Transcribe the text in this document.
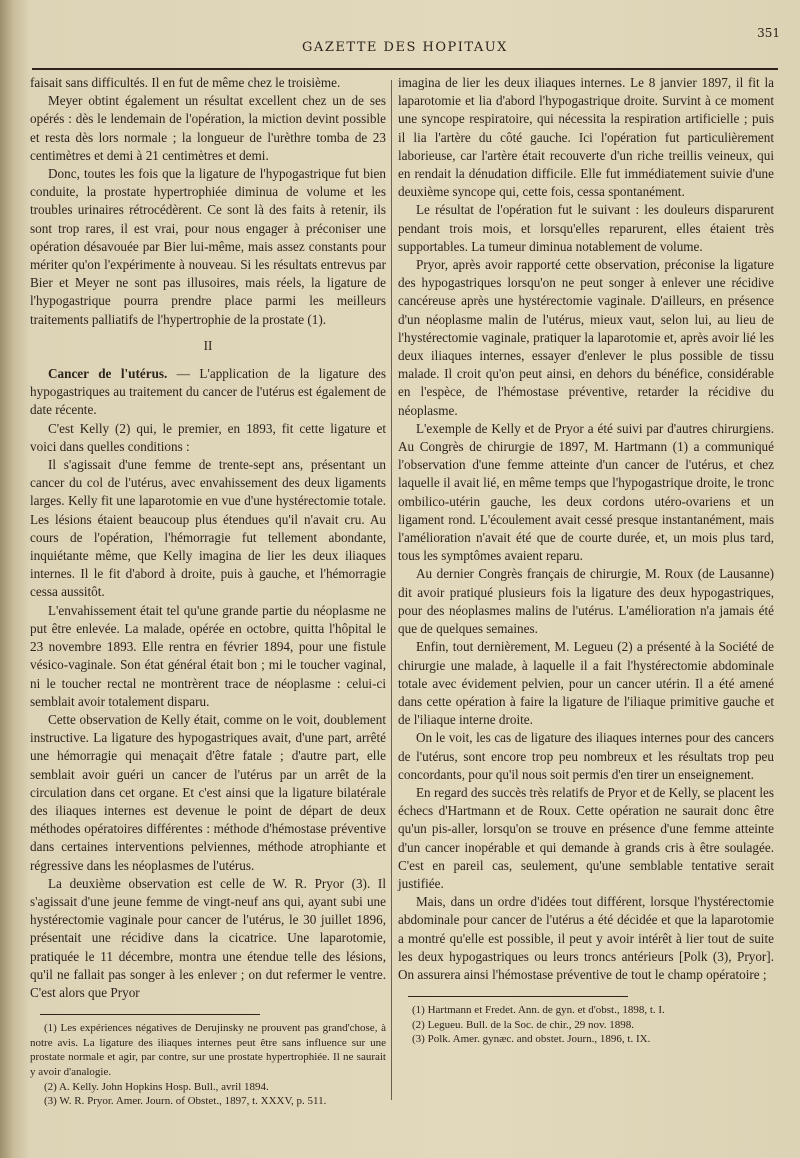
GAZETTE DES HOPITAUX
351

faisait sans difficultés. Il en fut de même chez le troisième.

Meyer obtint également un résultat excellent chez un de ses opérés : dès le lendemain de l'opération, la miction devint possible et resta dès lors normale ; la longueur de l'urèthre tomba de 23 centimètres et demi à 21 centimètres et demi.

Donc, toutes les fois que la ligature de l'hypogastrique fut bien conduite, la prostate hypertrophiée diminua de volume et les troubles urinaires rétrocédèrent. Ce sont là des faits à retenir, ils sont trop rares, il est vrai, pour nous engager à préconiser une opération désavouée par Bier lui-même, mais assez constants pour mériter qu'on l'expérimente à nouveau. Si les résultats entrevus par Bier et Meyer ne sont pas illusoires, mais réels, la ligature de l'hypogastrique pourra prendre place parmi les meilleurs traitements palliatifs de l'hypertrophie de la prostate (1).

II

Cancer de l'utérus. — L'application de la ligature des hypogastriques au traitement du cancer de l'utérus est également de date récente.

C'est Kelly (2) qui, le premier, en 1893, fit cette ligature et voici dans quelles conditions :

Il s'agissait d'une femme de trente-sept ans, présentant un cancer du col de l'utérus, avec envahissement des deux ligaments larges. Kelly fit une laparotomie en vue d'une hystérectomie totale. Les lésions étaient beaucoup plus étendues qu'il n'avait cru. Au cours de l'opération, l'hémorragie fut tellement abondante, inquiétante même, que Kelly imagina de lier les deux iliaques internes. Il le fit d'abord à droite, puis à gauche, et l'hémorragie cessa aussitôt.

L'envahissement était tel qu'une grande partie du néoplasme ne put être enlevée. La malade, opérée en octobre, quitta l'hôpital le 23 novembre 1893. Elle rentra en février 1894, pour une fistule vésico-vaginale. Son état général était bon ; mi le toucher vaginal, ni le toucher rectal ne montrèrent trace de néoplasme : celui-ci semblait avoir totalement disparu.

Cette observation de Kelly était, comme on le voit, doublement instructive. La ligature des hypogastriques avait, d'une part, arrêté une hémorragie qui menaçait d'être fatale ; d'autre part, elle semblait avoir guéri un cancer de l'utérus par un arrêt de la circulation dans cet organe. Et c'est ainsi que la ligature bilatérale des iliaques internes est devenue le point de départ de deux méthodes opératoires différentes : méthode d'hémostase préventive dans certaines interventions pelviennes, méthode atrophiante et régressive dans les néoplasmes de l'utérus.

La deuxième observation est celle de W. R. Pryor (3). Il s'agissait d'une jeune femme de vingt-neuf ans qui, ayant subi une hystérectomie vaginale pour cancer de l'utérus, le 30 juillet 1896, présentait une récidive dans la cicatrice. Une laparotomie, pratiquée le 11 décembre, montra une étendue telle des lésions, qu'il ne fallait pas songer à les enlever ; on dut refermer le ventre. C'est alors que Pryor

(1) Les expériences négatives de Derujinsky ne prouvent pas grand'chose, à notre avis. La ligature des iliaques internes peut être sans influence sur une prostate normale et agir, par contre, sur une prostate hypertrophiée. Il ne saurait y avoir d'analogie.

(2) A. Kelly. John Hopkins Hosp. Bull., avril 1894.

(3) W. R. Pryor. Amer. Journ. of Obstet., 1897, t. XXXV, p. 511.

imagina de lier les deux iliaques internes. Le 8 janvier 1897, il fit la laparotomie et lia d'abord l'hypogastrique droite. Survint à ce moment une syncope respiratoire, qui nécessita la respiration artificielle ; puis il lia l'artère du côté gauche. Ici l'opération fut particulièrement laborieuse, car l'artère était recouverte d'un riche treillis veineux, qui en rendait la dénudation difficile. Elle fut immédiatement suivie d'une deuxième syncope qui, cette fois, cessa spontanément.

Le résultat de l'opération fut le suivant : les douleurs disparurent pendant trois mois, et lorsqu'elles reparurent, elles étaient très supportables. La tumeur diminua notablement de volume.

Pryor, après avoir rapporté cette observation, préconise la ligature des hypogastriques lorsqu'on ne peut songer à enlever une récidive cancéreuse après une hystérectomie vaginale. D'ailleurs, en présence d'un néoplasme malin de l'utérus, mieux vaut, selon lui, au lieu de l'hystérectomie vaginale, pratiquer la laparotomie et, après avoir lié les deux iliaques internes, essayer d'enlever le plus possible de tissu malade. Il croit qu'on peut ainsi, en dehors du bénéfice, considérable en l'espèce, de l'hémostase préventive, retarder la récidive du néoplasme.

L'exemple de Kelly et de Pryor a été suivi par d'autres chirurgiens. Au Congrès de chirurgie de 1897, M. Hartmann (1) a communiqué l'observation d'une femme atteinte d'un cancer de l'utérus, et chez laquelle il avait lié, en même temps que l'hypogastrique droite, le tronc ombilico-utérin gauche, les deux cordons utéro-ovariens et un ligament rond. L'écoulement avait cessé presque instantanément, mais l'amélioration n'avait été que de courte durée, et, un mois plus tard, tous les symptômes avaient reparu.

Au dernier Congrès français de chirurgie, M. Roux (de Lausanne) dit avoir pratiqué plusieurs fois la ligature des deux hypogastriques, pour des néoplasmes malins de l'utérus. L'amélioration n'a jamais été que de quelques semaines.

Enfin, tout dernièrement, M. Legueu (2) a présenté à la Société de chirurgie une malade, à laquelle il a fait l'hystérectomie abdominale totale avec évidement pelvien, pour un cancer utérin. Il a été amené dans cette opération à faire la ligature de l'iliaque primitive gauche et de l'iliaque interne droite.

On le voit, les cas de ligature des iliaques internes pour des cancers de l'utérus, sont encore trop peu nombreux et les résultats trop peu concordants, pour qu'il nous soit permis d'en tirer un enseignement.

En regard des succès très relatifs de Pryor et de Kelly, se placent les échecs d'Hartmann et de Roux. Cette opération ne saurait donc être qu'un pis-aller, lorsqu'on se trouve en présence d'une femme atteinte d'un cancer inopérable et qui demande à grands cris à être soulagée. C'est en pareil cas, seulement, qu'une semblable tentative serait justifiée.

Mais, dans un ordre d'idées tout différent, lorsque l'hystérectomie abdominale pour cancer de l'utérus a été décidée et que la laparotomie a montré qu'elle est possible, il peut y avoir intérêt à lier tout de suite les deux hypogastriques ou leurs troncs antérieurs [Polk (3), Pryor]. On assurera ainsi l'hémostase préventive de tout le champ opératoire ;

(1) Hartmann et Fredet. Ann. de gyn. et d'obst., 1898, t. I.

(2) Legueu. Bull. de la Soc. de chir., 29 nov. 1898.

(3) Polk. Amer. gynæc. and obstet. Journ., 1896, t. IX.
